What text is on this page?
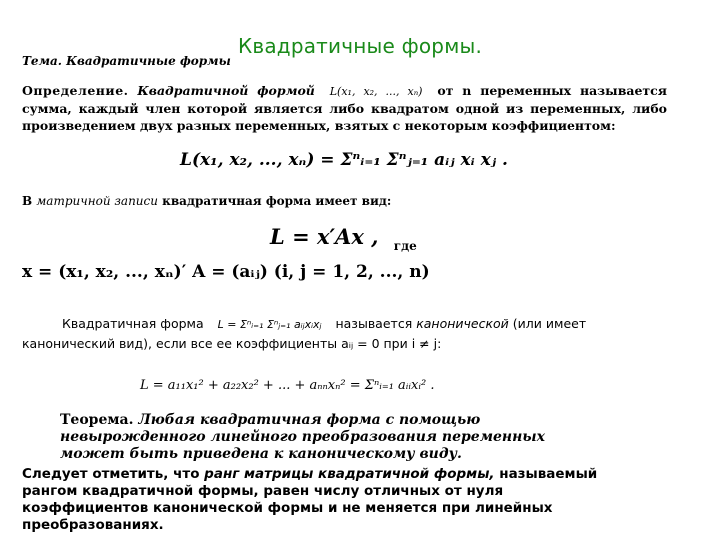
Квадратичные формы.
Тема. Квадратичные формы
Определение. Квадратичной формой L(x₁, x₂, ..., xₙ) от n переменных называется сумма, каждый член которой является либо квадратом одной из переменных, либо произведением двух разных переменных, взятых с некоторым коэффициентом:
L(x₁, x₂, ..., xₙ) = Σⁿᵢ₌₁ Σⁿⱼ₌₁ aᵢⱼ xᵢ xⱼ .
В матричной записи квадратичная форма имеет вид:
L = x′Ax , $_{где}$
x = (x₁, x₂, ..., xₙ)′ A = (aᵢⱼ) (i, j = 1, 2, ..., n)
Квадратичная форма L = Σⁿᵢ₌₁ Σⁿⱼ₌₁ aᵢⱼxᵢxⱼ называется канонической (или имеет канонический вид), если все ее коэффициенты aᵢⱼ = 0 при i ≠ j:
L = a₁₁x₁² + a₂₂x₂² + ... + aₙₙxₙ² = Σⁿᵢ₌₁ aᵢᵢxᵢ² .
Теорема. Любая квадратичная форма с помощью невырожденного линейного преобразования переменных может быть приведена к каноническому виду.
Следует отметить, что ранг матрицы квадратичной формы, называемый рангом квадратичной формы, равен числу отличных от нуля коэффициентов канонической формы и не меняется при линейных преобразованиях.
